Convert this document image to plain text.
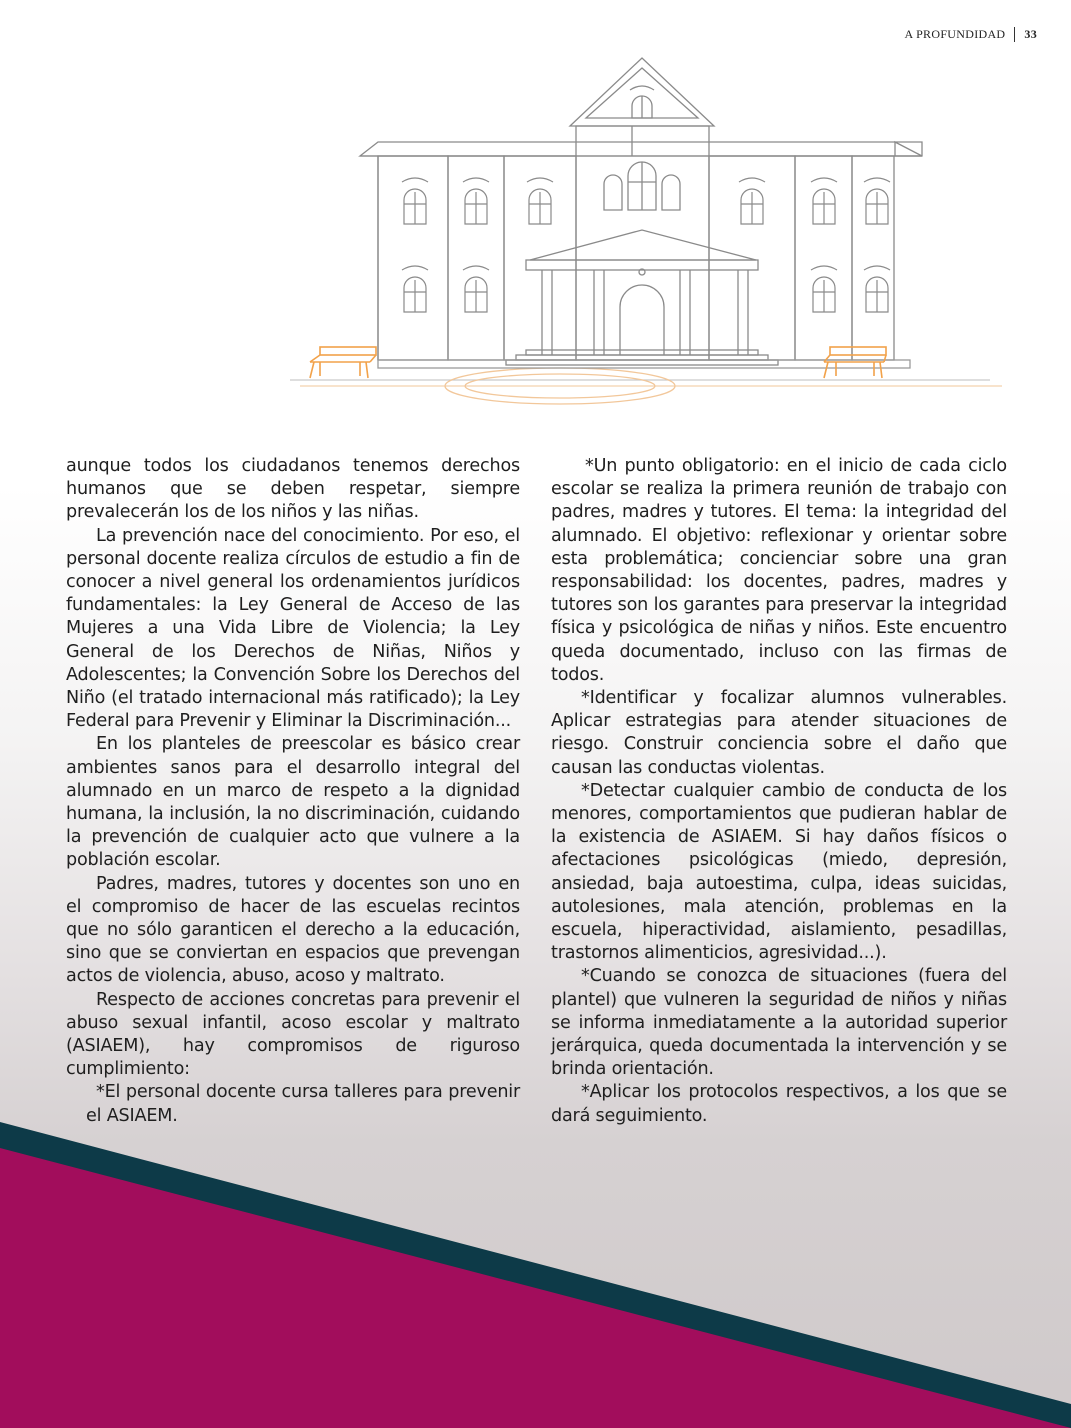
A PROFUNDIDAD 33

aunque todos los ciudadanos tenemos derechos humanos que se deben respetar, siempre prevalecerán los de los niños y las niñas.

La prevención nace del conocimiento. Por eso, el personal docente realiza círculos de estudio a fin de conocer a nivel general los ordenamientos jurídicos fundamentales: la Ley General de Acceso de las Mujeres a una Vida Libre de Violencia; la Ley General de los Derechos de Niñas, Niños y Adolescentes; la Convención Sobre los Derechos del Niño (el tratado internacional más ratificado); la Ley Federal para Prevenir y Eliminar la Discriminación...

En los planteles de preescolar es básico crear ambientes sanos para el desarrollo integral del alumnado en un marco de respeto a la dignidad humana, la inclusión, la no discriminación, cuidando la prevención de cualquier acto que vulnere a la población escolar.

Padres, madres, tutores y docentes son uno en el compromiso de hacer de las escuelas recintos que no sólo garanticen el derecho a la educación, sino que se conviertan en espacios que prevengan actos de violencia, abuso, acoso y maltrato.

Respecto de acciones concretas para prevenir el abuso sexual infantil, acoso escolar y maltrato (ASIAEM), hay compromisos de riguroso cumplimiento:

*El personal docente cursa talleres para prevenir el ASIAEM.

*Un punto obligatorio: en el inicio de cada ciclo escolar se realiza la primera reunión de trabajo con padres, madres y tutores. El tema: la integridad del alumnado. El objetivo: reflexionar y orientar sobre esta problemática; concienciar sobre una gran responsabilidad: los docentes, padres, madres y tutores son los garantes para preservar la integridad física y psicológica de niñas y niños. Este encuentro queda documentado, incluso con las firmas de todos.

*Identificar y focalizar alumnos vulnerables. Aplicar estrategias para atender situaciones de riesgo. Construir conciencia sobre el daño que causan las conductas violentas.

*Detectar cualquier cambio de conducta de los menores, comportamientos que pudieran hablar de la existencia de ASIAEM. Si hay daños físicos o afectaciones psicológicas (miedo, depresión, ansiedad, baja autoestima, culpa, ideas suicidas, autolesiones, mala atención, problemas en la escuela, hiperactividad, aislamiento, pesadillas, trastornos alimenticios, agresividad...).

*Cuando se conozca de situaciones (fuera del plantel) que vulneren la seguridad de niños y niñas se informa inmediatamente a la autoridad superior jerárquica, queda documentada la intervención y se brinda orientación.

*Aplicar los protocolos respectivos, a los que se dará seguimiento.
